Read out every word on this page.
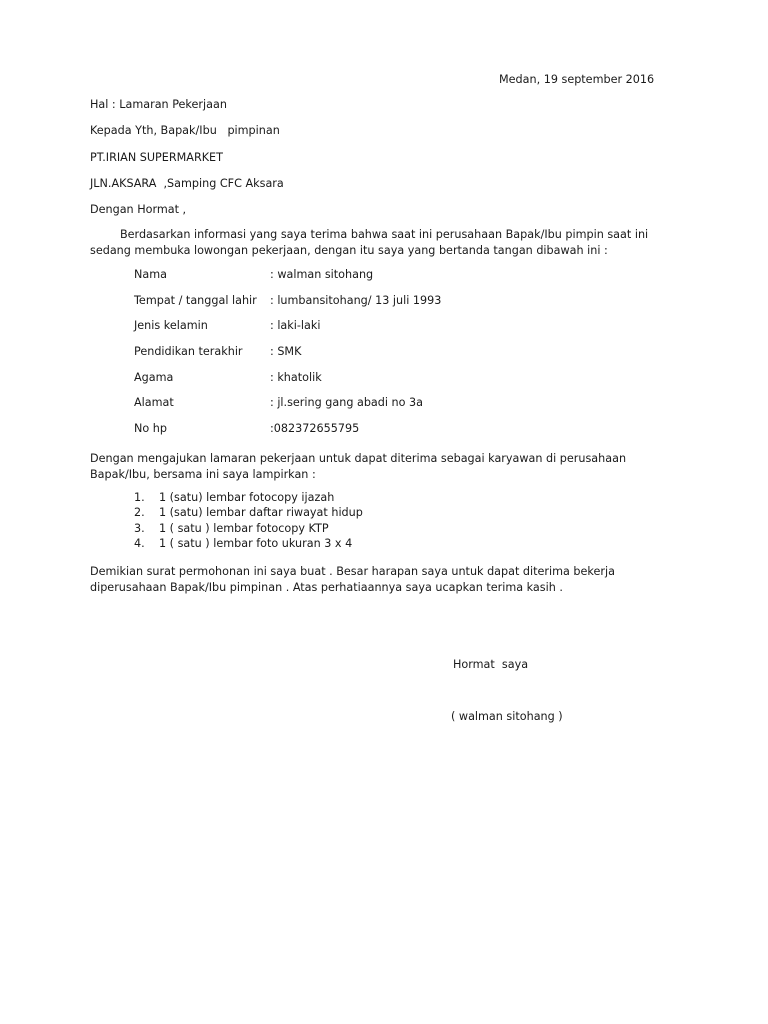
Medan, 19 september 2016
Hal : Lamaran Pekerjaan
Kepada Yth, Bapak/Ibu   pimpinan
PT.IRIAN SUPERMARKET
JLN.AKSARA  ,Samping CFC Aksara
Dengan Hormat ,
Berdasarkan informasi yang saya terima bahwa saat ini perusahaan Bapak/Ibu pimpin saat ini sedang membuka lowongan pekerjaan, dengan itu saya yang bertanda tangan dibawah ini :
Nama	: walman sitohang
Tempat / tanggal lahir	: lumbansitohang/ 13 juli 1993
Jenis kelamin	: laki-laki
Pendidikan terakhir	: SMK
Agama	: khatolik
Alamat	: jl.sering gang abadi no 3a
No hp	:082372655795
Dengan mengajukan lamaran pekerjaan untuk dapat diterima sebagai karyawan di perusahaan Bapak/Ibu, bersama ini saya lampirkan :
1. 1 (satu) lembar fotocopy ijazah
2. 1 (satu) lembar daftar riwayat hidup
3. 1 ( satu ) lembar fotocopy KTP
4. 1 ( satu ) lembar foto ukuran 3 x 4
Demikian surat permohonan ini saya buat . Besar harapan saya untuk dapat diterima bekerja diperusahaan Bapak/Ibu pimpinan . Atas perhatiaannya saya ucapkan terima kasih .
Hormat  saya
( walman sitohang )
